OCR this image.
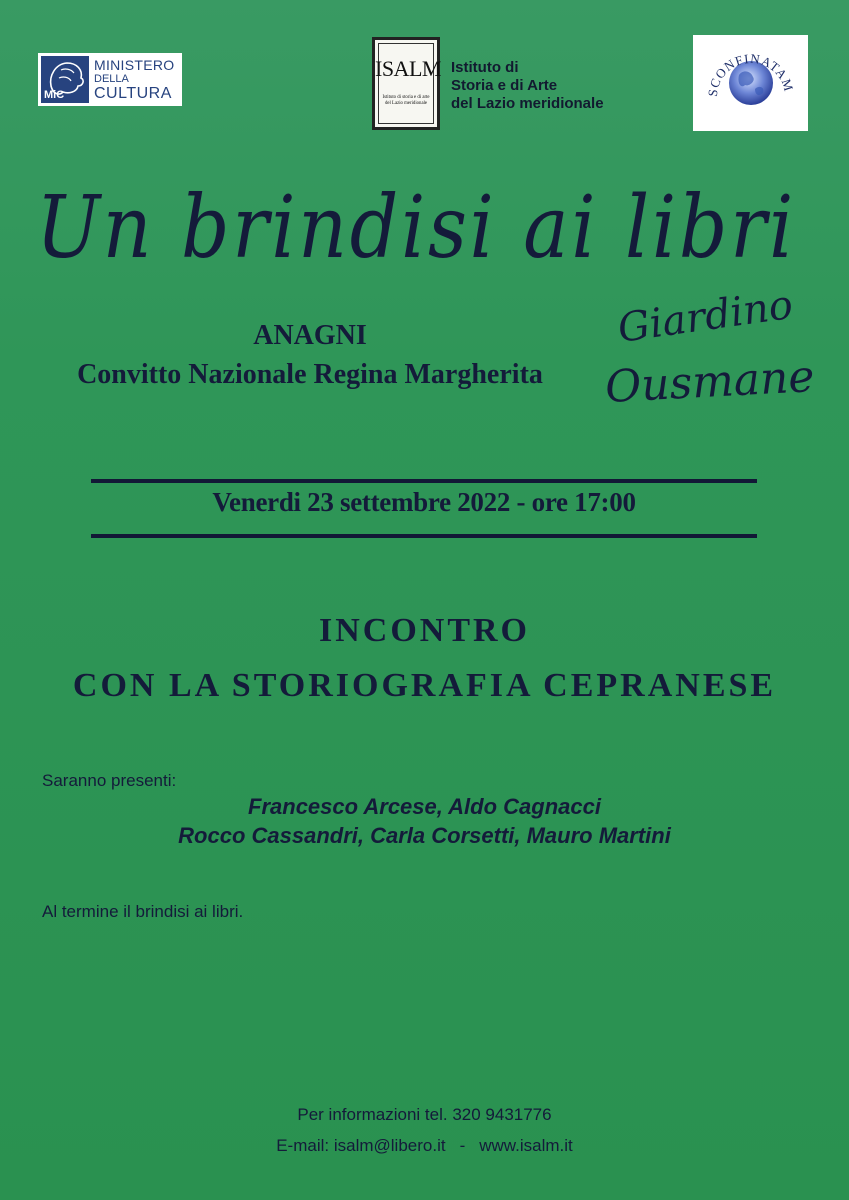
MiC
MINISTERO
DELLA
CULTURA
ISALM
Istituto di storia e di arte del Lazio meridionale
Istituto di
Storia e di Arte
del Lazio meridionale
SCONFINATAM
Un brindisi ai libri
ANAGNI
Convitto Nazionale Regina Margherita
Giardino
Ousmane
Venerdi 23 settembre 2022 - ore 17:00
INCONTRO
CON LA STORIOGRAFIA CEPRANESE
Saranno presenti:
Francesco Arcese, Aldo Cagnacci
Rocco Cassandri, Carla Corsetti, Mauro Martini
Al termine il brindisi ai libri.
Per informazioni tel. 320 9431776
E-mail: isalm@libero.it - www.isalm.it
